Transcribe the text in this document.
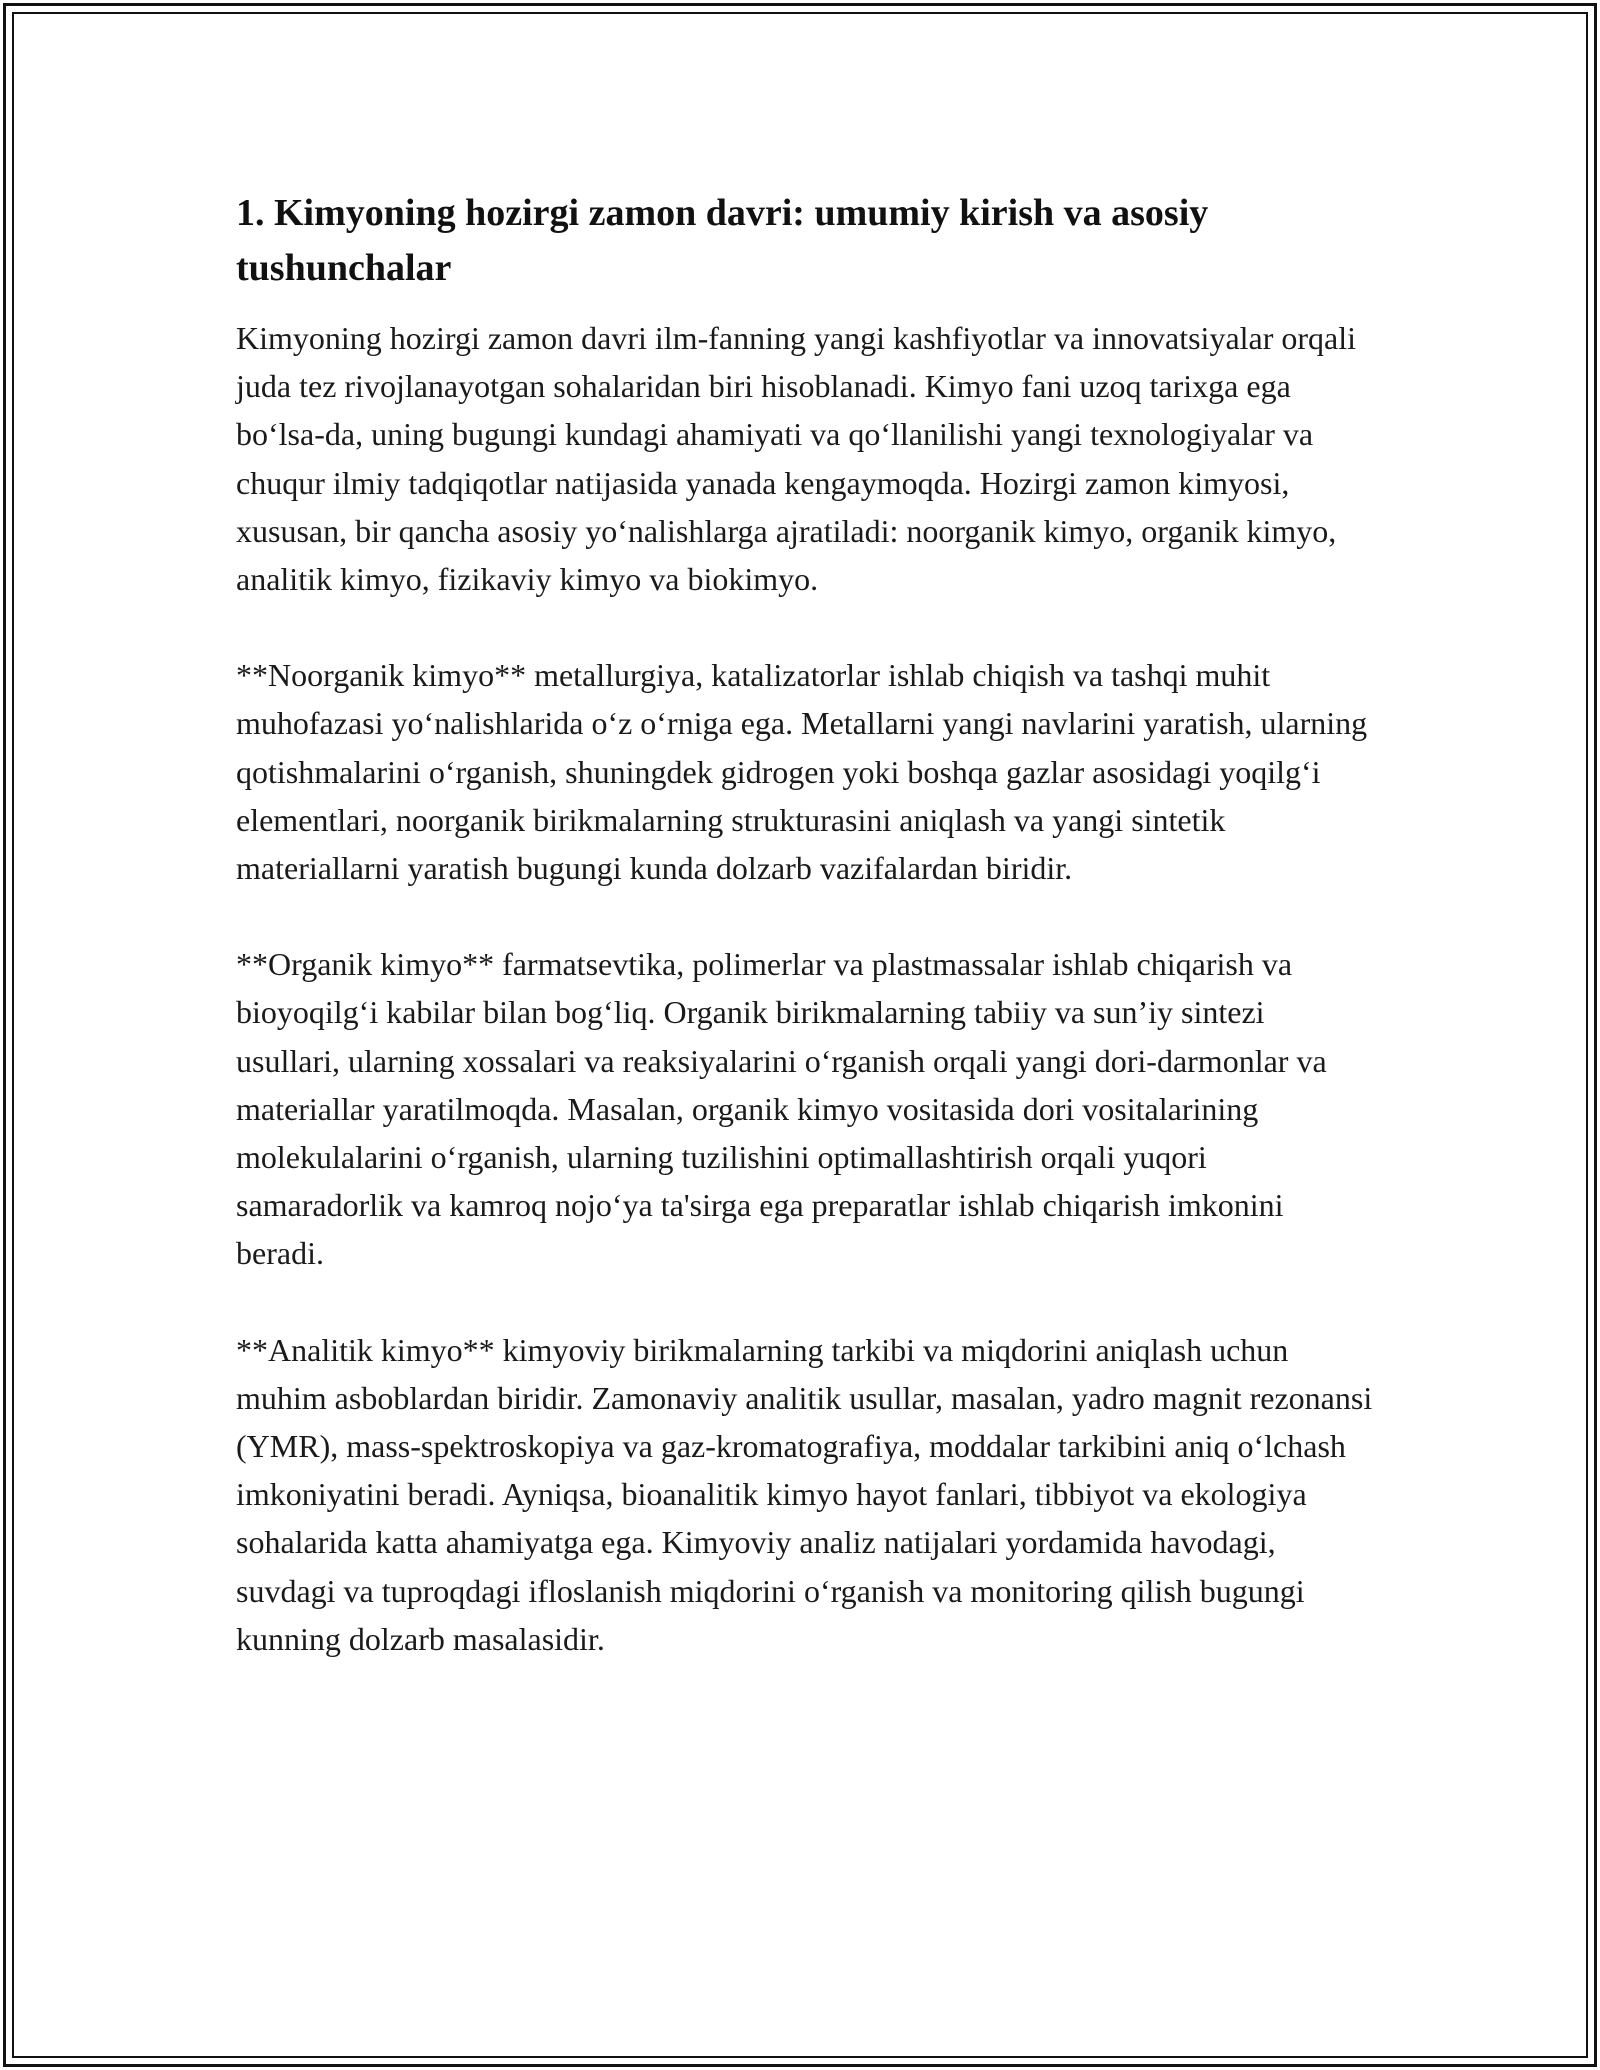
1. Kimyoning hozirgi zamon davri: umumiy kirish va asosiy tushunchalar

Kimyoning hozirgi zamon davri ilm-fanning yangi kashfiyotlar va innovatsiyalar orqali juda tez rivojlanayotgan sohalaridan biri hisoblanadi. Kimyo fani uzoq tarixga ega boʻlsa-da, uning bugungi kundagi ahamiyati va qoʻllanilishi yangi texnologiyalar va chuqur ilmiy tadqiqotlar natijasida yanada kengaymoqda. Hozirgi zamon kimyosi, xususan, bir qancha asosiy yoʻnalishlarga ajratiladi: noorganik kimyo, organik kimyo, analitik kimyo, fizikaviy kimyo va biokimyo.

**Noorganik kimyo** metallurgiya, katalizatorlar ishlab chiqish va tashqi muhit muhofazasi yoʻnalishlarida oʻz oʻrniga ega. Metallarni yangi navlarini yaratish, ularning qotishmalarini oʻrganish, shuningdek gidrogen yoki boshqa gazlar asosidagi yoqilgʻi elementlari, noorganik birikmalarning strukturasini aniqlash va yangi sintetik materiallarni yaratish bugungi kunda dolzarb vazifalardan biridir.

**Organik kimyo** farmatsevtika, polimerlar va plastmassalar ishlab chiqarish va bioyoqilgʻi kabilar bilan bogʻliq. Organik birikmalarning tabiiy va sun’iy sintezi usullari, ularning xossalari va reaksiyalarini oʻrganish orqali yangi dori-darmonlar va materiallar yaratilmoqda. Masalan, organik kimyo vositasida dori vositalarining molekulalarini oʻrganish, ularning tuzilishini optimallashtirish orqali yuqori samaradorlik va kamroq nojoʻya ta'sirga ega preparatlar ishlab chiqarish imkonini beradi.

**Analitik kimyo** kimyoviy birikmalarning tarkibi va miqdorini aniqlash uchun muhim asboblardan biridir. Zamonaviy analitik usullar, masalan, yadro magnit rezonansi (YMR), mass-spektroskopiya va gaz-kromatografiya, moddalar tarkibini aniq oʻlchash imkoniyatini beradi. Ayniqsa, bioanalitik kimyo hayot fanlari, tibbiyot va ekologiya sohalarida katta ahamiyatga ega. Kimyoviy analiz natijalari yordamida havodagi, suvdagi va tuproqdagi ifloslanish miqdorini oʻrganish va monitoring qilish bugungi kunning dolzarb masalasidir.
